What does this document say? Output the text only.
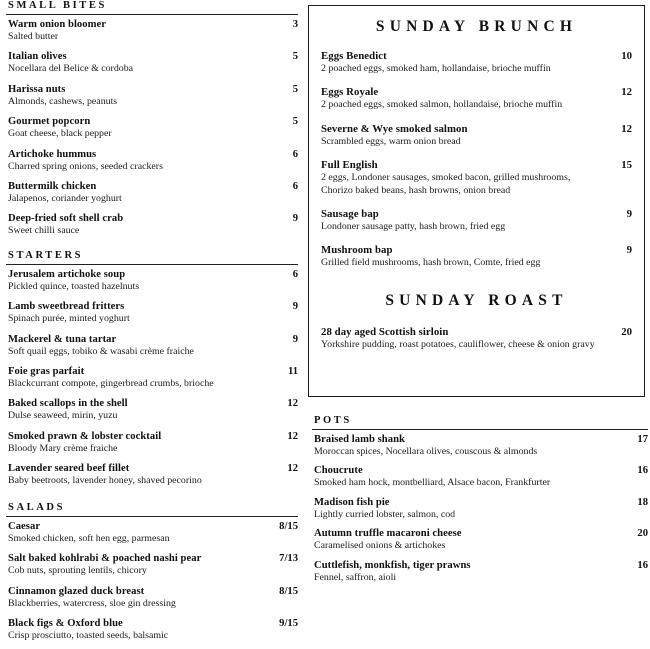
SMALL BITES
Warm onion bloomer	3
Salted butter
Italian olives	5
Nocellara del Belice & cordoba
Harissa nuts	5
Almonds, cashews, peanuts
Gourmet popcorn	5
Goat cheese, black pepper
Artichoke hummus	6
Charred spring onions, seeded crackers
Buttermilk chicken	6
Jalapenos, coriander yoghurt
Deep-fried soft shell crab	9
Sweet chilli sauce
STARTERS
Jerusalem artichoke soup	6
Pickled quince, toasted hazelnuts
Lamb sweetbread fritters	9
Spinach purée, minted yoghurt
Mackerel & tuna tartar	9
Soft quail eggs, tobiko & wasabi crème fraiche
Foie gras parfait	11
Blackcurrant compote, gingerbread crumbs, brioche
Baked scallops in the shell	12
Dulse seaweed, mirin, yuzu
Smoked prawn & lobster cocktail	12
Bloody Mary crème fraiche
Lavender seared beef fillet	12
Baby beetroots, lavender honey, shaved pecorino
SALADS
Caesar	8/15
Smoked chicken, soft hen egg, parmesan
Salt baked kohlrabi & poached nashi pear	7/13
Cob nuts, sprouting lentils, chicory
Cinnamon glazed duck breast	8/15
Blackberries, watercress, sloe gin dressing
Black figs & Oxford blue	9/15
Crisp prosciutto, toasted seeds, balsamic
SUNDAY BRUNCH
Eggs Benedict	10
2 poached eggs, smoked ham, hollandaise, brioche muffin
Eggs Royale	12
2 poached eggs, smoked salmon, hollandaise, brioche muffin
Severne & Wye smoked salmon	12
Scrambled eggs, warm onion bread
Full English	15
2 eggs, Londoner sausages, smoked bacon, grilled mushrooms,
Chorizo baked beans, hash browns, onion bread
Sausage bap	9
Londoner sausage patty, hash brown, fried egg
Mushroom bap	9
Grilled field mushrooms, hash brown, Comte, fried egg
SUNDAY ROAST
28 day aged Scottish sirloin	20
Yorkshire pudding, roast potatoes, cauliflower, cheese & onion gravy
POTS
Braised lamb shank	17
Moroccan spices, Nocellara olives, couscous & almonds
Choucrute	16
Smoked ham hock, montbelliard, Alsace bacon, Frankfurter
Madison fish pie	18
Lightly curried lobster, salmon, cod
Autumn truffle macaroni cheese	20
Caramelised onions & artichokes
Cuttlefish, monkfish, tiger prawns	16
Fennel, saffron, aioli
